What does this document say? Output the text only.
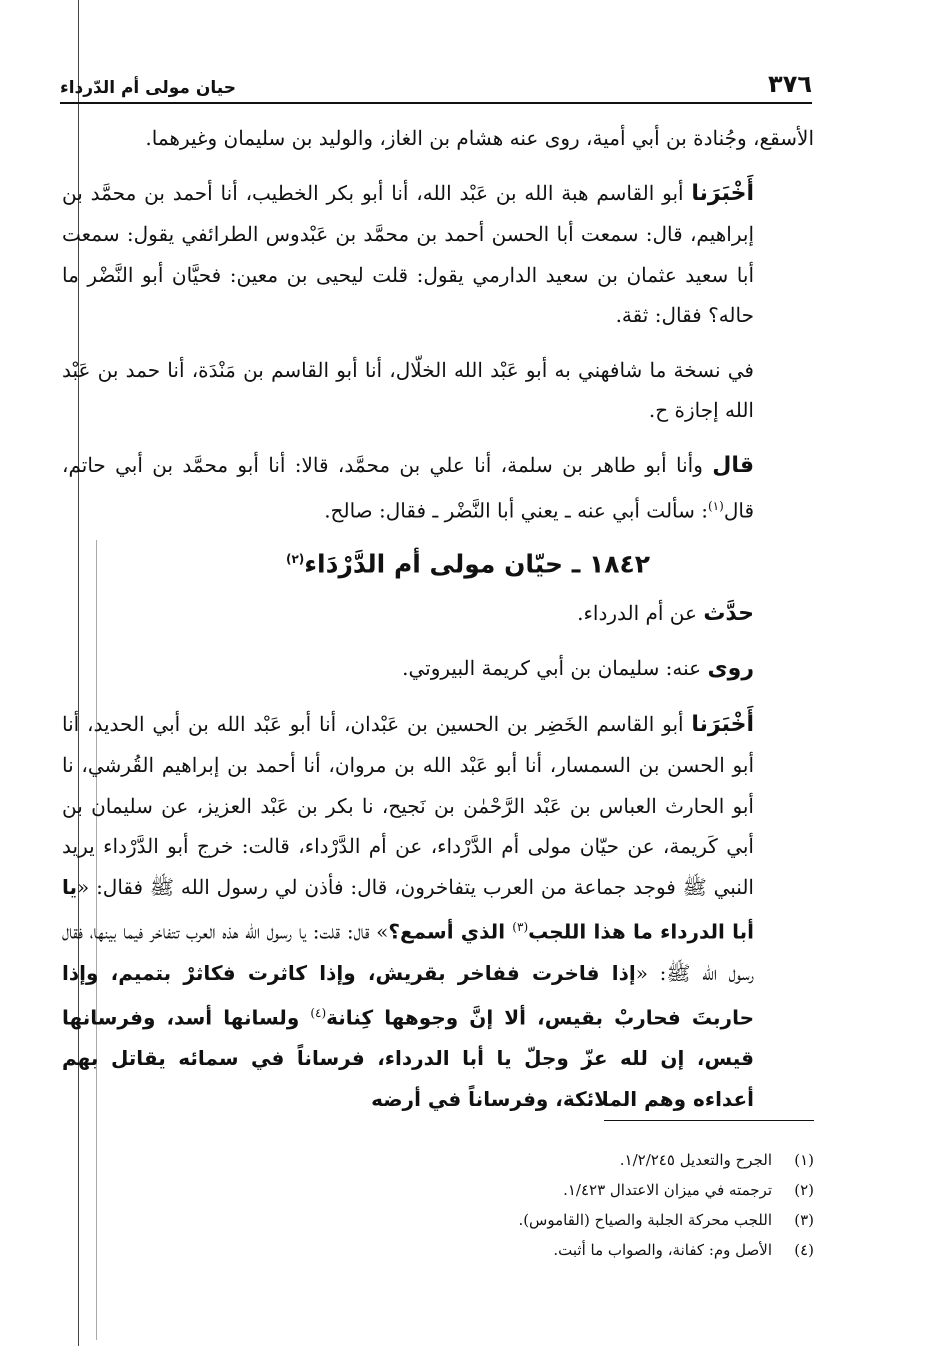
٣٧٦
حيان مولى أم الدّرداء

الأسقع، وجُنادة بن أبي أمية، روى عنه هشام بن الغاز، والوليد بن سليمان وغيرهما.

أَخْبَرَنا أبو القاسم هبة الله بن عَبْد الله، أنا أبو بكر الخطيب، أنا أحمد بن محمَّد بن إبراهيم، قال: سمعت أبا الحسن أحمد بن محمَّد بن عَبْدوس الطرائفي يقول: سمعت أبا سعيد عثمان بن سعيد الدارمي يقول: قلت ليحيى بن معين: فحيَّان أبو النَّضْر ما حاله؟ فقال: ثقة.

في نسخة ما شافهني به أبو عَبْد الله الخلّال، أنا أبو القاسم بن مَنْدَة، أنا حمد بن عَبْد الله إجازة ح.

قال وأنا أبو طاهر بن سلمة، أنا علي بن محمَّد، قالا: أنا أبو محمَّد بن أبي حاتم، قال$^{(١)}$: سألت أبي عنه ـ يعني أبا النَّضْر ـ فقال: صالح.

١٨٤٢ ـ حيّان مولى أم الدَّرْدَاء$^{(٢)}$

حدَّث عن أم الدرداء.

روى عنه: سليمان بن أبي كريمة البيروتي.

أَخْبَرَنا أبو القاسم الخَضِر بن الحسين بن عَبْدان، أنا أبو عَبْد الله بن أبي الحديد، أنا أبو الحسن بن السمسار، أنا أبو عَبْد الله بن مروان، أنا أحمد بن إبراهيم القُرشي، نا أبو الحارث العباس بن عَبْد الرَّحْمٰن بن نَجيح، نا بكر بن عَبْد العزيز، عن سليمان بن أبي كَريمة، عن حيّان مولى أم الدَّرْداء، عن أم الدَّرْداء، قالت: خرج أبو الدَّرْداء يريد النبي ﷺ فوجد جماعة من العرب يتفاخرون، قال: فأذن لي رسول الله ﷺ فقال: «يا أبا الدرداء ما هذا اللجب$^{(٣)}$ الذي أسمع؟» قال: قلت: يا رسول الله هذه العرب تتفاخر فيما بينها، فقال رسول الله ﷺ: «إذا فاخرت ففاخر بقريش، وإذا كاثرت فكاثرْ بتميم، وإذا حاربتَ فحاربْ بقيس، ألا إنَّ وجوهها كِنانة$^{(٤)}$ ولسانها أسد، وفرسانها قيس، إن لله عزّ وجلّ يا أبا الدرداء، فرساناً في سمائه يقاتل بهم أعداءه وهم الملائكة، وفرساناً في أرضه

(١)
الجرح والتعديل ١/٢/٢٤٥.
(٢)
ترجمته في ميزان الاعتدال ١/٤٢٣.
(٣)
اللجب محركة الجلبة والصياح (القاموس).
(٤)
الأصل وم: كفانة، والصواب ما أثبت.
